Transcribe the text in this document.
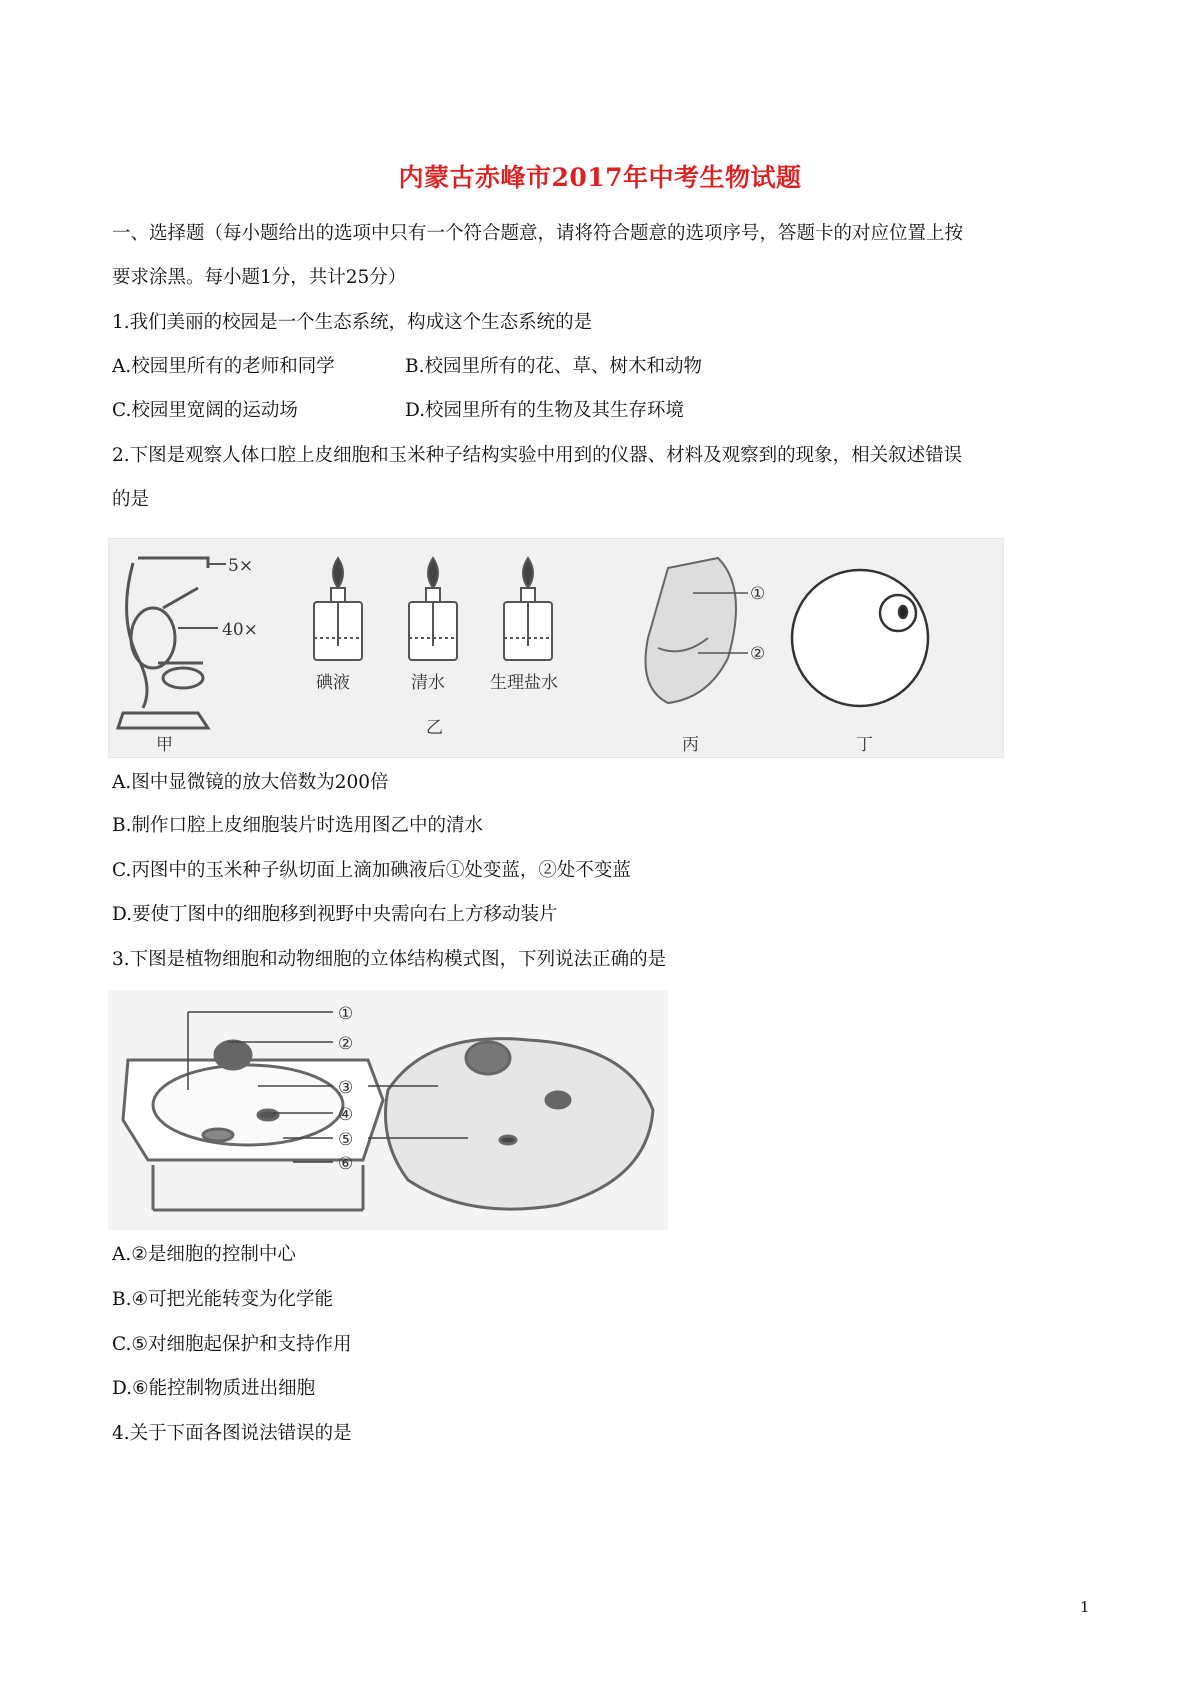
内蒙古赤峰市2017年中考生物试题
一、选择题（每小题给出的选项中只有一个符合题意，请将符合题意的选项序号，答题卡的对应位置上按
要求涂黑。每小题1分，共计25分）
1.我们美丽的校园是一个生态系统，构成这个生态系统的是
A.校园里所有的老师和同学	B.校园里所有的花、草、树木和动物
C.校园里宽阔的运动场	D.校园里所有的生物及其生存环境
2.下图是观察人体口腔上皮细胞和玉米种子结构实验中用到的仪器、材料及观察到的现象，相关叙述错误
的是
5×
40×
甲
碘液	清水	生理盐水
乙
①
②
丙	丁
A.图中显微镜的放大倍数为200倍
B.制作口腔上皮细胞装片时选用图乙中的清水
C.丙图中的玉米种子纵切面上滴加碘液后①处变蓝，②处不变蓝
D.要使丁图中的细胞移到视野中央需向右上方移动装片
3.下图是植物细胞和动物细胞的立体结构模式图，下列说法正确的是
①
②
③
④
⑤
⑥
A.②是细胞的控制中心
B.④可把光能转变为化学能
C.⑤对细胞起保护和支持作用
D.⑥能控制物质进出细胞
4.关于下面各图说法错误的是
1
